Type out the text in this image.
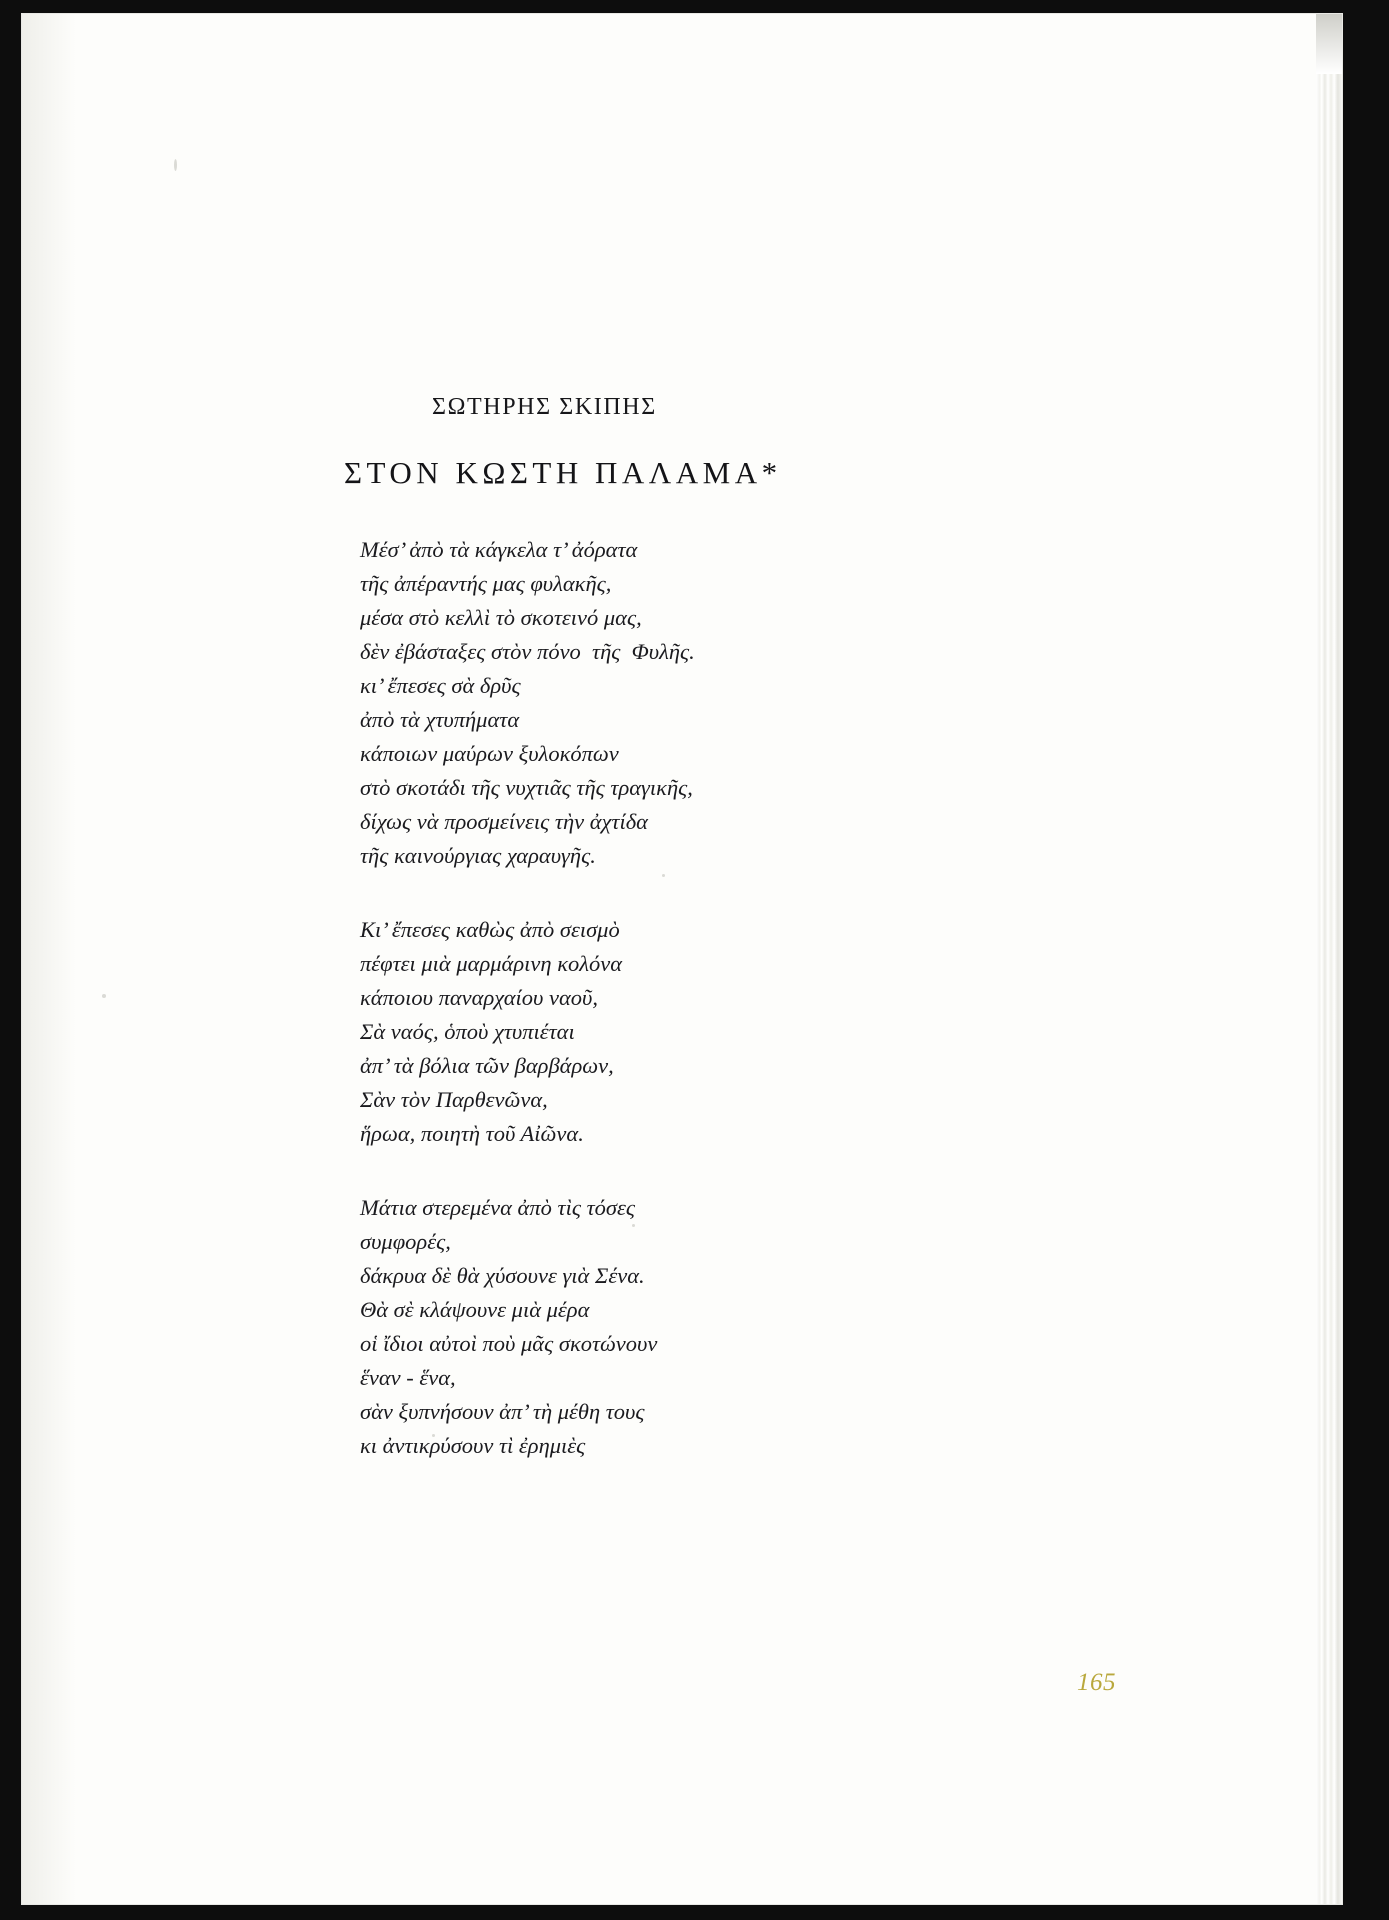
ΣΩΤΗΡΗΣ ΣΚΙΠΗΣ
ΣΤΟΝ ΚΩΣΤΗ ΠΑΛΑΜΑ*
Μέσ’ ἀπὸ τὰ κάγκελα τ’ ἀόρατα
τῆς ἀπέραντής μας φυλακῆς,
μέσα στὸ κελλὶ τὸ σκοτεινό μας,
δὲν ἐβάσταξες στὸν πόνο  τῆς  Φυλῆς.
κι’ ἔπεσες σὰ δρῦς
ἀπὸ τὰ χτυπήματα
κάποιων μαύρων ξυλοκόπων
στὸ σκοτάδι τῆς νυχτιᾶς τῆς τραγικῆς,
δίχως νὰ προσμείνεις τὴν ἀχτίδα
τῆς καινούργιας χαραυγῆς.
Κι’ ἔπεσες καθὼς ἀπὸ σεισμὸ
πέφτει μιὰ μαρμάρινη κολόνα
κάποιου παναρχαίου ναοῦ,
Σὰ ναός, ὁποὺ χτυπιέται
ἀπ’ τὰ βόλια τῶν βαρβάρων,
Σὰν τὸν Παρθενῶνα,
ἥρωα, ποιητὴ τοῦ Αἰῶνα.
Μάτια στερεμένα ἀπὸ τὶς τόσες
συμφορές,
δάκρυα δὲ θὰ χύσουνε γιὰ Σένα.
Θὰ σὲ κλάψουνε μιὰ μέρα
οἱ ἴδιοι αὐτοὶ ποὺ μᾶς σκοτώνουν
ἕναν - ἕνα,
σὰν ξυπνήσουν ἀπ’ τὴ μέθη τους
κι ἀντικρύσουν τὶ ἐρημιὲς
165
